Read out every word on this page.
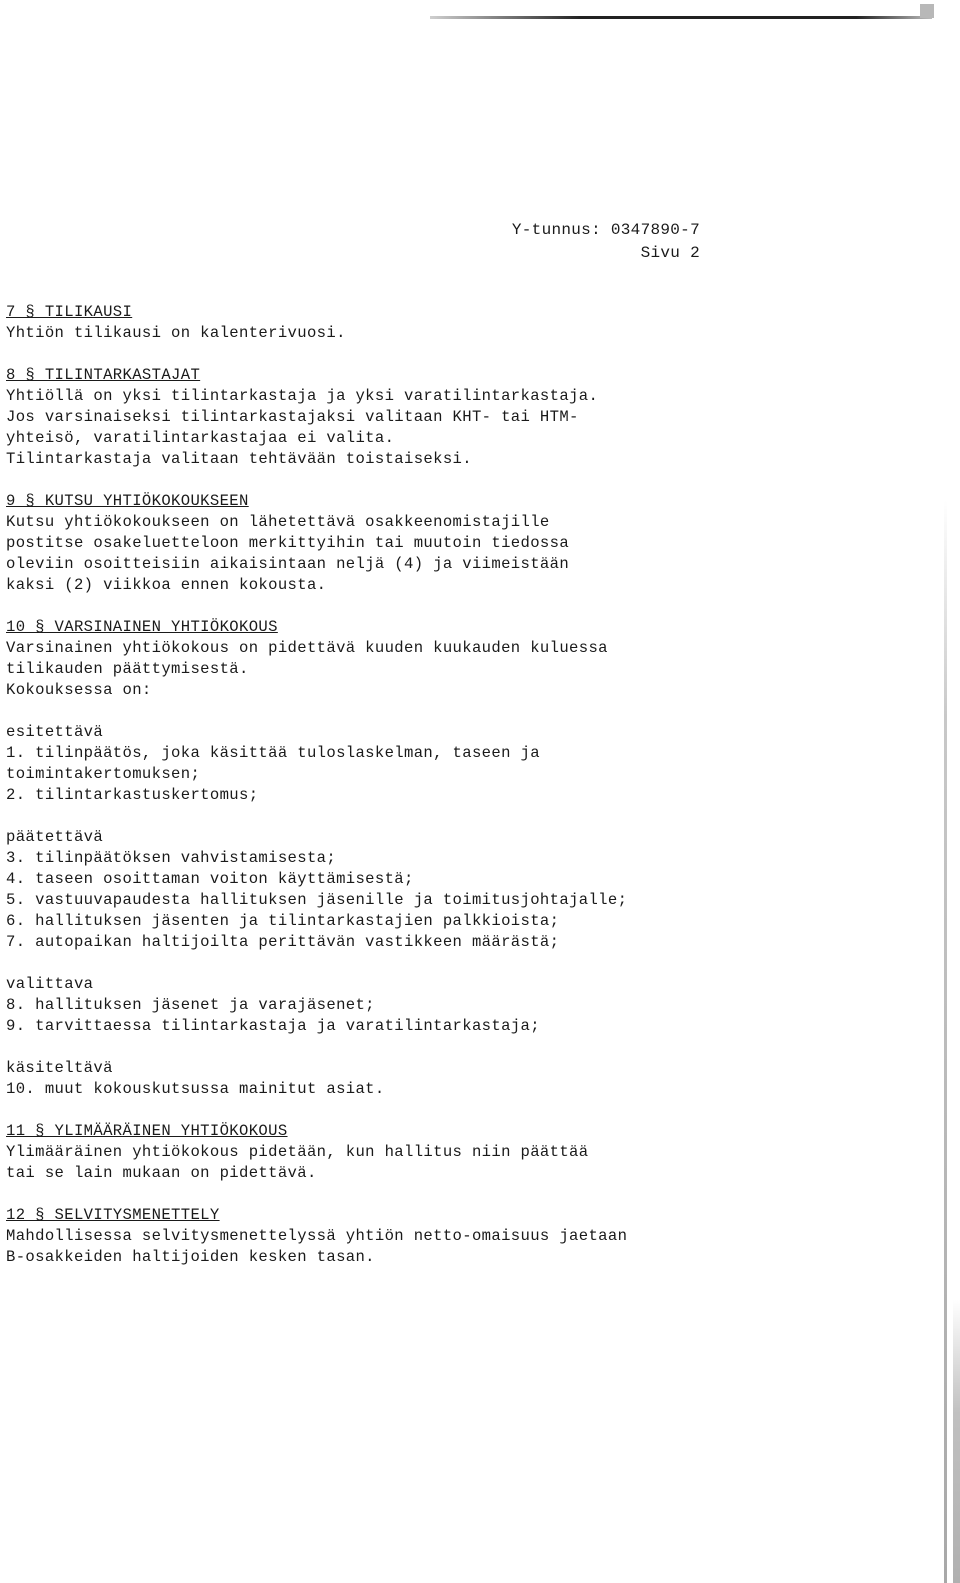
Y-tunnus: 0347890-7
Sivu 2
7 § TILIKAUSI
Yhtiön tilikausi on kalenterivuosi.
8 § TILINTARKASTAJAT
Yhtiöllä on yksi tilintarkastaja ja yksi varatilintarkastaja.
Jos varsinaiseksi tilintarkastajaksi valitaan KHT- tai HTM-
yhteisö, varatilintarkastajaa ei valita.
Tilintarkastaja valitaan tehtävään toistaiseksi.
9 § KUTSU YHTIÖKOKOUKSEEN
Kutsu yhtiökokoukseen on lähetettävä osakkeenomistajille
postitse osakeluetteloon merkittyihin tai muutoin tiedossa
oleviin osoitteisiin aikaisintaan neljä (4) ja viimeistään
kaksi (2) viikkoa ennen kokousta.
10 § VARSINAINEN YHTIÖKOKOUS
Varsinainen yhtiökokous on pidettävä kuuden kuukauden kuluessa
tilikauden päättymisestä.
Kokouksessa on:
esitettävä
1. tilinpäätös, joka käsittää tuloslaskelman, taseen ja
toimintakertomuksen;
2. tilintarkastuskertomus;
päätettävä
3. tilinpäätöksen vahvistamisesta;
4. taseen osoittaman voiton käyttämisestä;
5. vastuuvapaudesta hallituksen jäsenille ja toimitusjohtajalle;
6. hallituksen jäsenten ja tilintarkastajien palkkioista;
7. autopaikan haltijoilta perittävän vastikkeen määrästä;
valittava
8. hallituksen jäsenet ja varajäsenet;
9. tarvittaessa tilintarkastaja ja varatilintarkastaja;
käsiteltävä
10. muut kokouskutsussa mainitut asiat.
11 § YLIMÄÄRÄINEN YHTIÖKOKOUS
Ylimääräinen yhtiökokous pidetään, kun hallitus niin päättää
tai se lain mukaan on pidettävä.
12 § SELVITYSMENETTELY
Mahdollisessa selvitysmenettelyssä yhtiön netto-omaisuus jaetaan
B-osakkeiden haltijoiden kesken tasan.
